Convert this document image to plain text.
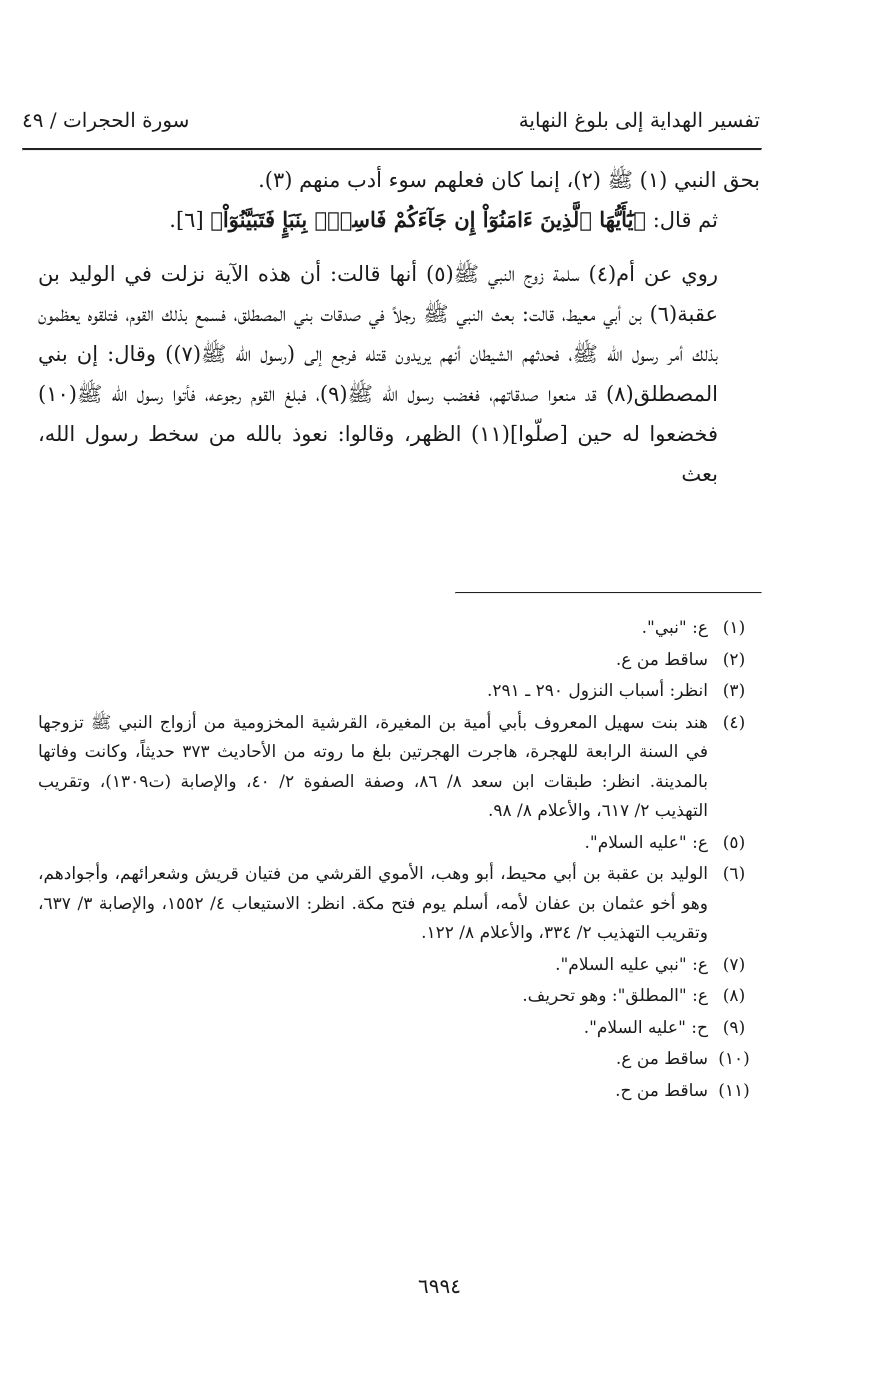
تفسير الهداية إلى بلوغ النهاية
سورة الحجرات / ٤٩

بحق النبي (١) ﷺ (٢)، إنما كان فعلهم سوء أدب منهم (٣).

ثم قال: ﴿يَٰٓأَيُّهَا ٱلَّذِينَ ءَامَنُوٓاْ إِن جَآءَكُمْ فَاسِقٌۢ بِنَبَإٍ فَتَبَيَّنُوٓاْ﴾ [٦].

روي عن أم(٤) سلمة زوج النبي ﷺ(٥) أنها قالت: أن هذه الآية نزلت في الوليد بن عقبة(٦) بن أبي معيط، قالت: بعث النبي ﷺ رجلاً في صدقات بني المصطلق، فسمع بذلك القوم، فتلقوه يعظمون بذلك أمر رسول الله ﷺ، فحدثهم الشيطان أنهم يريدون قتله فرجع إلى (رسول الله ﷺ(٧)) وقال: إن بني المصطلق(٨) قد منعوا صدقاتهم، فغضب رسول الله ﷺ(٩)، فبلغ القوم رجوعه، فأتوا رسول الله ﷺ(١٠) فخضعوا له حين [صلّوا](١١) الظهر، وقالوا: نعوذ بالله من سخط رسول الله، بعث

(١)
ع: "نبي".
(٢)
ساقط من ع.
(٣)
انظر: أسباب النزول ٢٩٠ ـ ٢٩١.
(٤)
هند بنت سهيل المعروف بأبي أمية بن المغيرة، القرشية المخزومية من أزواج النبي ﷺ تزوجها في السنة الرابعة للهجرة، هاجرت الهجرتين بلغ ما روته من الأحاديث ٣٧٣ حديثاً، وكانت وفاتها بالمدينة. انظر: طبقات ابن سعد ٨/ ٨٦، وصفة الصفوة ٢/ ٤٠، والإصابة (ت١٣٠٩)، وتقريب التهذيب ٢/ ٦١٧، والأعلام ٨/ ٩٨.
(٥)
ع: "عليه السلام".
(٦)
الوليد بن عقبة بن أبي محيط، أبو وهب، الأموي القرشي من فتيان قريش وشعرائهم، وأجوادهم، وهو أخو عثمان بن عفان لأمه، أسلم يوم فتح مكة. انظر: الاستيعاب ٤/ ١٥٥٢، والإصابة ٣/ ٦٣٧، وتقريب التهذيب ٢/ ٣٣٤، والأعلام ٨/ ١٢٢.
(٧)
ع: "نبي عليه السلام".
(٨)
ع: "المطلق": وهو تحريف.
(٩)
ح: "عليه السلام".
(١٠)
ساقط من ع.
(١١)
ساقط من ح.
٦٩٩٤
